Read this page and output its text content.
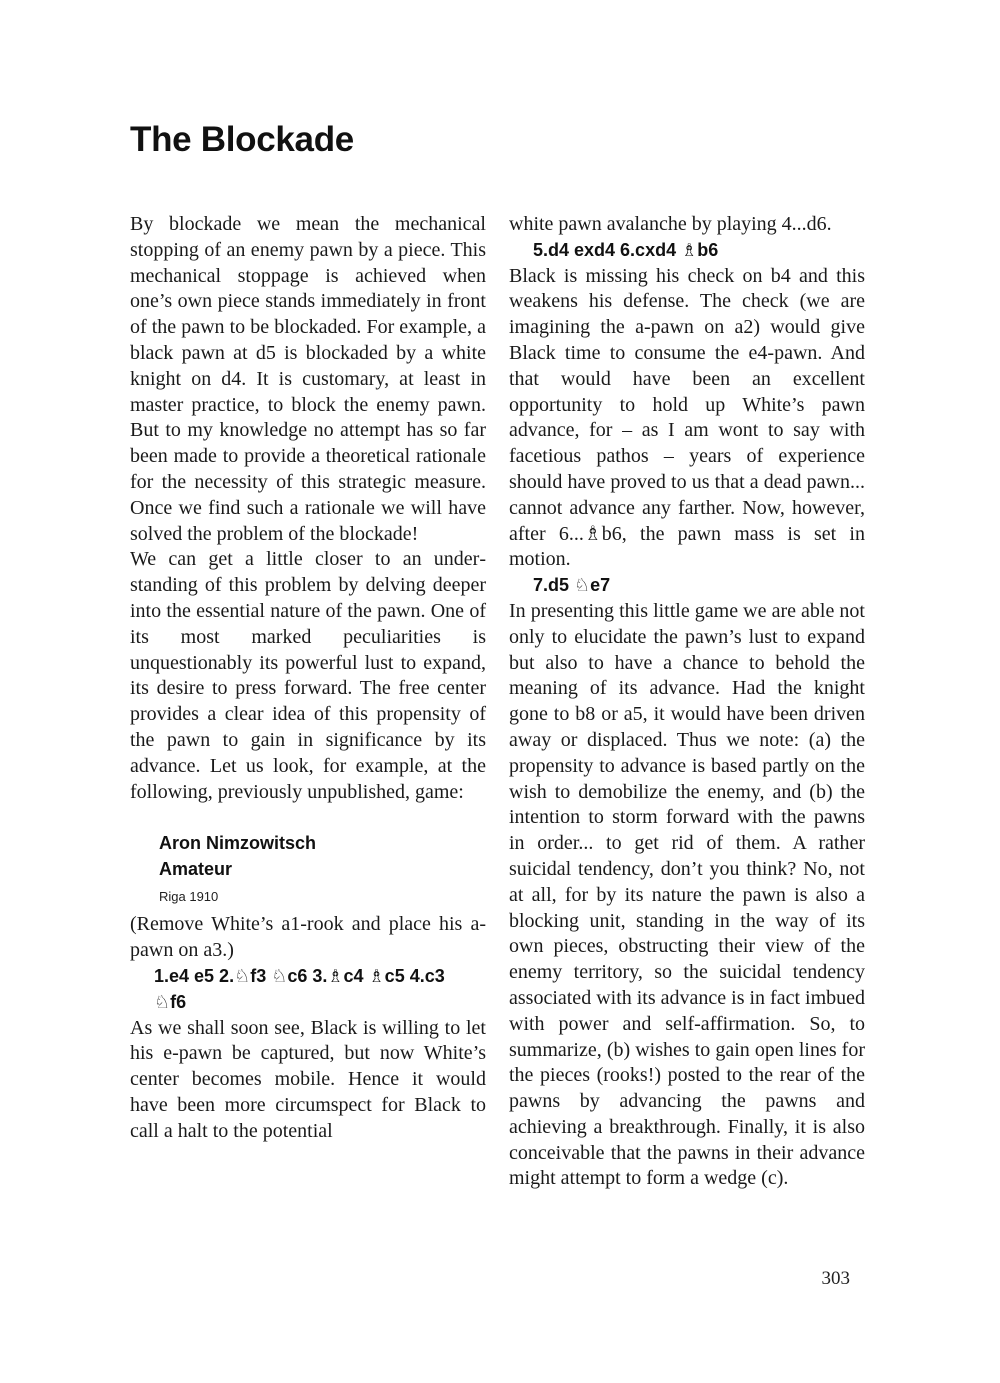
The Blockade

By blockade we mean the mechanical stopping of an enemy pawn by a piece. This mechanical stoppage is achieved when one’s own piece stands immediately in front of the pawn to be blockaded. For example, a black pawn at d5 is blockaded by a white knight on d4. It is customary, at least in master practice, to block the enemy pawn. But to my knowledge no attempt has so far been made to provide a theoretical rationale for the necessity of this strategic measure. Once we find such a rationale we will have solved the problem of the blockade!

We can get a little closer to an understanding of this problem by delving deeper into the essential nature of the pawn. One of its most marked peculiarities is unquestionably its powerful lust to expand, its desire to press forward. The free center provides a clear idea of this propensity of the pawn to gain in significance by its advance. Let us look, for example, at the following, previously unpublished, game:

Aron Nimzowitsch

Amateur

Riga 1910

(Remove White’s a1-rook and place his a-pawn on a3.)

1.e4 e5 2.♘f3 ♘c6 3.♗c4 ♗c5 4.c3 ♘f6

As we shall soon see, Black is willing to let his e-pawn be captured, but now White’s center becomes mobile. Hence it would have been more circumspect for Black to call a halt to the potential

white pawn avalanche by playing 4...d6.

5.d4 exd4 6.cxd4 ♗b6

Black is missing his check on b4 and this weakens his defense. The check (we are imagining the a-pawn on a2) would give Black time to consume the e4-pawn. And that would have been an excellent opportunity to hold up White’s pawn advance, for – as I am wont to say with facetious pathos – years of experience should have proved to us that a dead pawn... cannot advance any farther. Now, however, after 6...♗b6, the pawn mass is set in motion.

7.d5 ♘e7

In presenting this little game we are able not only to elucidate the pawn’s lust to expand but also to have a chance to behold the meaning of its advance. Had the knight gone to b8 or a5, it would have been driven away or displaced. Thus we note: (a) the propensity to advance is based partly on the wish to demobilize the enemy, and (b) the intention to storm forward with the pawns in order... to get rid of them. A rather suicidal tendency, don’t you think? No, not at all, for by its nature the pawn is also a blocking unit, standing in the way of its own pieces, obstructing their view of the enemy territory, so the suicidal tendency associated with its advance is in fact imbued with power and self-affirmation. So, to summarize, (b) wishes to gain open lines for the pieces (rooks!) posted to the rear of the pawns by advancing the pawns and achieving a breakthrough. Finally, it is also conceivable that the pawns in their advance might attempt to form a wedge (c).

303
